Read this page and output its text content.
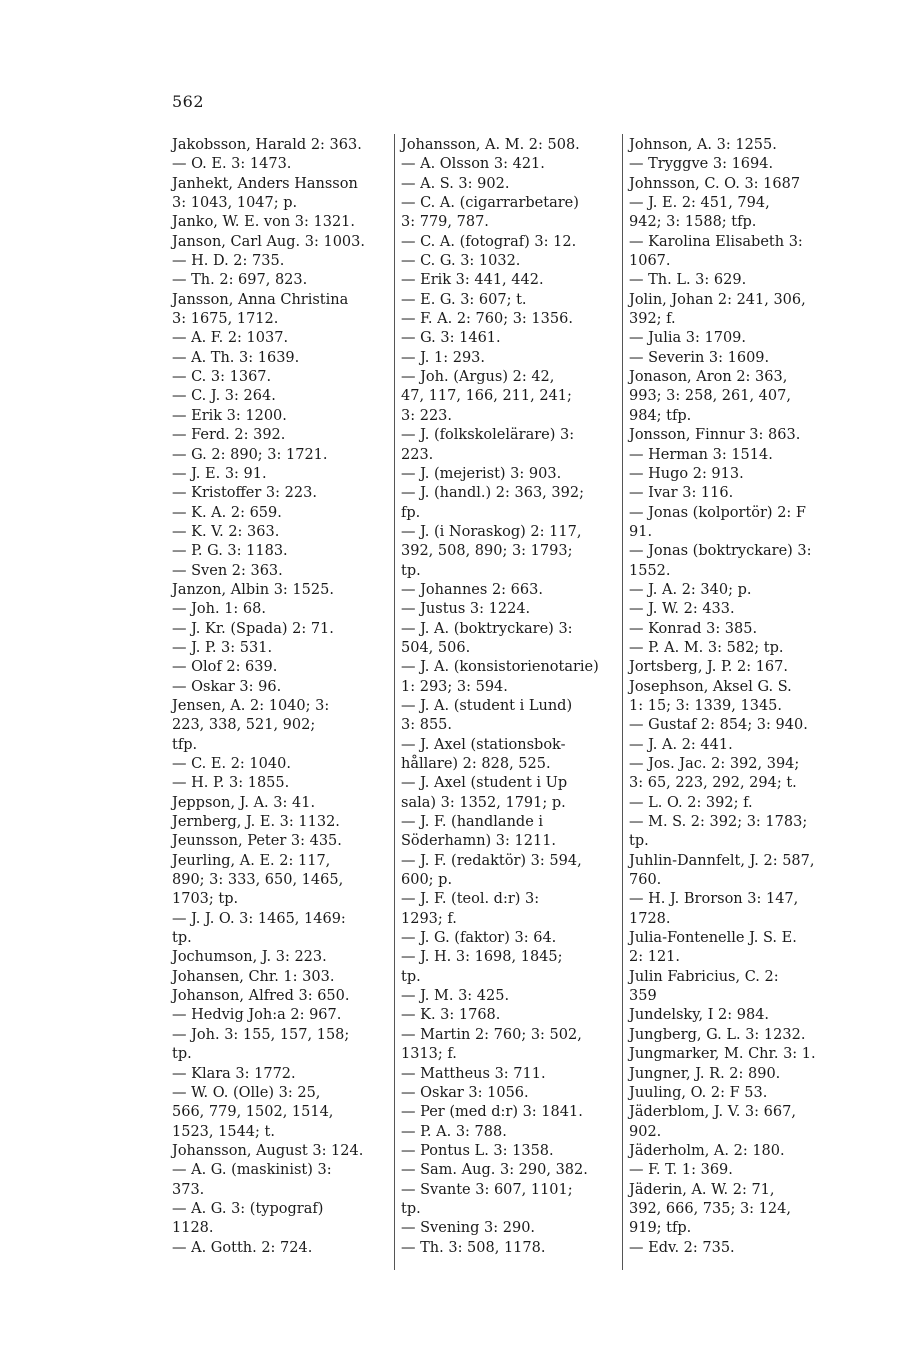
562
Jakobsson, Harald 2: 363.
— O. E. 3: 1473.
Janhekt, Anders Hansson
3: 1043, 1047; p.
Janko, W. E. von 3: 1321.
Janson, Carl Aug. 3: 1003.
— H. D. 2: 735.
— Th. 2: 697, 823.
Jansson, Anna Christina
3: 1675, 1712.
— A. F. 2: 1037.
— A. Th. 3: 1639.
— C. 3: 1367.
— C. J. 3: 264.
— Erik 3: 1200.
— Ferd. 2: 392.
— G. 2: 890; 3: 1721.
— J. E. 3: 91.
— Kristoffer 3: 223.
— K. A. 2: 659.
— K. V. 2: 363.
— P. G. 3: 1183.
— Sven 2: 363.
Janzon, Albin 3: 1525.
— Joh. 1: 68.
— J. Kr. (Spada) 2: 71.
— J. P. 3: 531.
— Olof 2: 639.
— Oskar 3: 96.
Jensen, A. 2: 1040; 3:
223, 338, 521, 902;
tfp.
— C. E. 2: 1040.
— H. P. 3: 1855.
Jeppson, J. A. 3: 41.
Jernberg, J. E. 3: 1132.
Jeunsson, Peter 3: 435.
Jeurling, A. E. 2: 117,
890; 3: 333, 650, 1465,
1703; tp.
— J. J. O. 3: 1465, 1469:
tp.
Jochumson, J. 3: 223.
Johansen, Chr. 1: 303.
Johanson, Alfred 3: 650.
— Hedvig Joh:a 2: 967.
— Joh. 3: 155, 157, 158;
tp.
— Klara 3: 1772.
— W. O. (Olle) 3: 25,
566, 779, 1502, 1514,
1523, 1544; t.
Johansson, August 3: 124.
— A. G. (maskinist) 3:
373.
— A. G. 3: (typograf)
1128.
— A. Gotth. 2: 724.
Johansson, A. M. 2: 508.
— A. Olsson 3: 421.
— A. S. 3: 902.
— C. A. (cigarrarbetare)
3: 779, 787.
— C. A. (fotograf) 3: 12.
— C. G. 3: 1032.
— Erik 3: 441, 442.
— E. G. 3: 607; t.
— F. A. 2: 760; 3: 1356.
— G. 3: 1461.
— J. 1: 293.
— Joh. (Argus) 2: 42,
47, 117, 166, 211, 241;
3: 223.
— J. (folkskolelärare) 3:
223.
— J. (mejerist) 3: 903.
— J. (handl.) 2: 363, 392;
fp.
— J. (i Noraskog) 2: 117,
392, 508, 890; 3: 1793;
tp.
— Johannes 2: 663.
— Justus 3: 1224.
— J. A. (boktryckare) 3:
504, 506.
— J. A. (konsistorienotarie)
1: 293; 3: 594.
— J. A. (student i Lund)
3: 855.
— J. Axel (stationsbok-
hållare) 2: 828, 525.
— J. Axel (student i Up
sala) 3: 1352, 1791; p.
— J. F. (handlande i
Söderhamn) 3: 1211.
— J. F. (redaktör) 3: 594,
600; p.
— J. F. (teol. d:r) 3:
1293; f.
— J. G. (faktor) 3: 64.
— J. H. 3: 1698, 1845;
tp.
— J. M. 3: 425.
— K. 3: 1768.
— Martin 2: 760; 3: 502,
1313; f.
— Mattheus 3: 711.
— Oskar 3: 1056.
— Per (med d:r) 3: 1841.
— P. A. 3: 788.
— Pontus L. 3: 1358.
— Sam. Aug. 3: 290, 382.
— Svante 3: 607, 1101;
tp.
— Svening 3: 290.
— Th. 3: 508, 1178.
Johnson, A. 3: 1255.
— Tryggve 3: 1694.
Johnsson, C. O. 3: 1687
— J. E. 2: 451, 794,
942; 3: 1588; tfp.
— Karolina Elisabeth 3:
1067.
— Th. L. 3: 629.
Jolin, Johan 2: 241, 306,
392; f.
— Julia 3: 1709.
— Severin 3: 1609.
Jonason, Aron 2: 363,
993; 3: 258, 261, 407,
984; tfp.
Jonsson, Finnur 3: 863.
— Herman 3: 1514.
— Hugo 2: 913.
— Ivar 3: 116.
— Jonas (kolportör) 2: F
91.
— Jonas (boktryckare) 3:
1552.
— J. A. 2: 340; p.
— J. W. 2: 433.
— Konrad 3: 385.
— P. A. M. 3: 582; tp.
Jortsberg, J. P. 2: 167.
Josephson, Aksel G. S.
1: 15; 3: 1339, 1345.
— Gustaf 2: 854; 3: 940.
— J. A. 2: 441.
— Jos. Jac. 2: 392, 394;
3: 65, 223, 292, 294; t.
— L. O. 2: 392; f.
— M. S. 2: 392; 3: 1783;
tp.
Juhlin-Dannfelt, J. 2: 587,
760.
— H. J. Brorson 3: 147,
1728.
Julia-Fontenelle J. S. E.
2: 121.
Julin Fabricius, C. 2:
359
Jundelsky, I 2: 984.
Jungberg, G. L. 3: 1232.
Jungmarker, M. Chr. 3: 1.
Jungner, J. R. 2: 890.
Juuling, O. 2: F 53.
Jäderblom, J. V. 3: 667,
902.
Jäderholm, A. 2: 180.
— F. T. 1: 369.
Jäderin, A. W. 2: 71,
392, 666, 735; 3: 124,
919; tfp.
— Edv. 2: 735.
